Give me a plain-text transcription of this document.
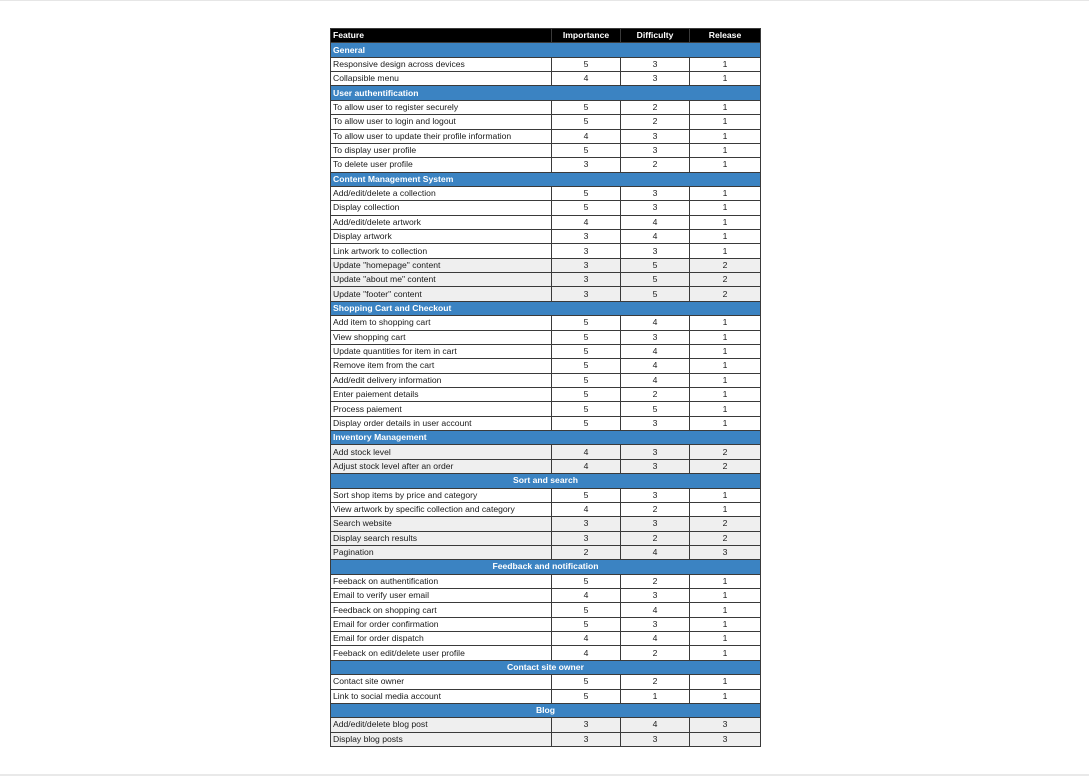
Feature	Importance	Difficulty	Release
General			
Responsive design across devices	5	3	1
Collapsible menu	4	3	1
User authentification			
To allow user to register securely	5	2	1
To allow user to login and logout	5	2	1
To allow user to update their profile information	4	3	1
To display user profile	5	3	1
To delete user profile	3	2	1
Content Management System			
Add/edit/delete a collection	5	3	1
Display collection	5	3	1
Add/edit/delete artwork	4	4	1
Display artwork	3	4	1
Link artwork to collection	3	3	1
Update "homepage" content	3	5	2
Update "about me" content	3	5	2
Update "footer" content	3	5	2
Shopping Cart and Checkout			
Add item to shopping cart	5	4	1
View shopping cart	5	3	1
Update quantities for item in cart	5	4	1
Remove item from the cart	5	4	1
Add/edit delivery information	5	4	1
Enter paiement details	5	2	1
Process paiement	5	5	1
Display order details in user account	5	3	1
Inventory Management			
Add stock level	4	3	2
Adjust stock level after an order	4	3	2
Sort and search			
Sort shop items by price and category	5	3	1
View artwork by specific collection and category	4	2	1
Search website	3	3	2
Display search results	3	2	2
Pagination	2	4	3
Feedback and notification			
Feeback on authentification	5	2	1
Email to verify user email	4	3	1
Feedback on shopping cart	5	4	1
Email for order confirmation	5	3	1
Email for order dispatch	4	4	1
Feeback on edit/delete user profile	4	2	1
Contact site owner			
Contact site owner	5	2	1
Link to social media account	5	1	1
Blog			
Add/edit/delete blog post	3	4	3
Display blog posts	3	3	3
